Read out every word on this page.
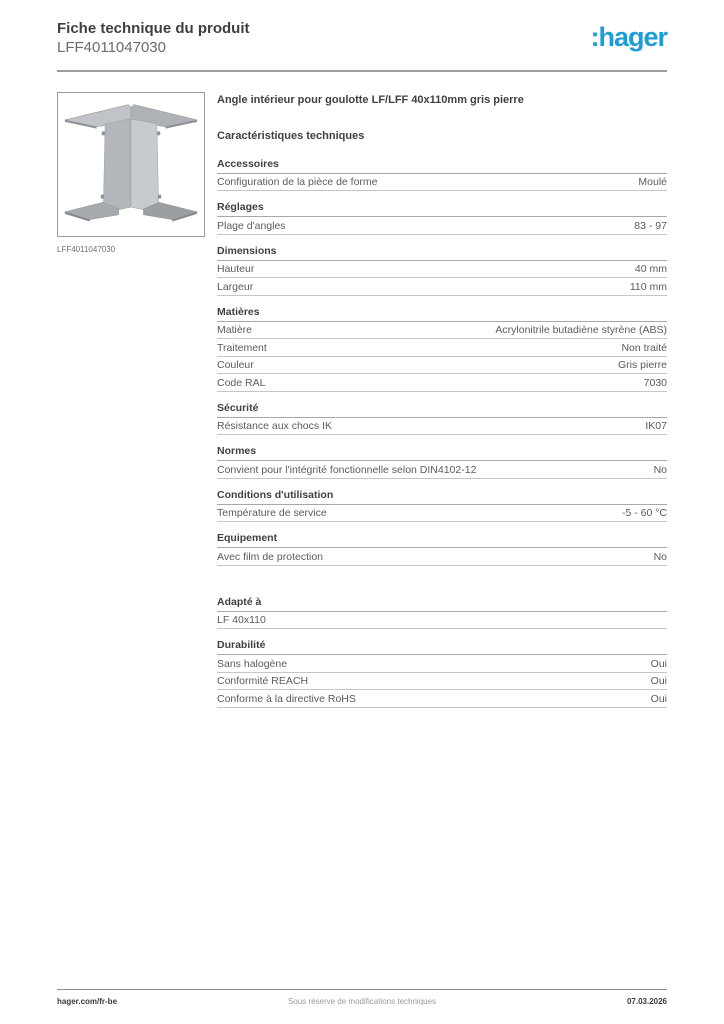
Fiche technique du produit
LFF4011047030	:hager
LFF4011047030
Angle intérieur pour goulotte LF/LFF 40x110mm gris pierre
Caractéristiques techniques
Accessoires
Configuration de la pièce de forme	Moulé
Réglages
Plage d'angles	83 - 97
Dimensions
Hauteur	40 mm
Largeur	110 mm
Matières
Matière	Acrylonitrile butadiène styrène (ABS)
Traitement	Non traité
Couleur	Gris pierre
Code RAL	7030
Sécurité
Résistance aux chocs IK	IK07
Normes
Convient pour l'intégrité fonctionnelle selon DIN4102-12	No
Conditions d'utilisation
Température de service	-5 - 60 °C
Equipement
Avec film de protection	No
Adapté à
LF 40x110
Durabilité
Sans halogène	Oui
Conformité REACH	Oui
Conforme à la directive RoHS	Oui
hager.com/fr-be	Sous réserve de modifications techniques	07.03.2026
